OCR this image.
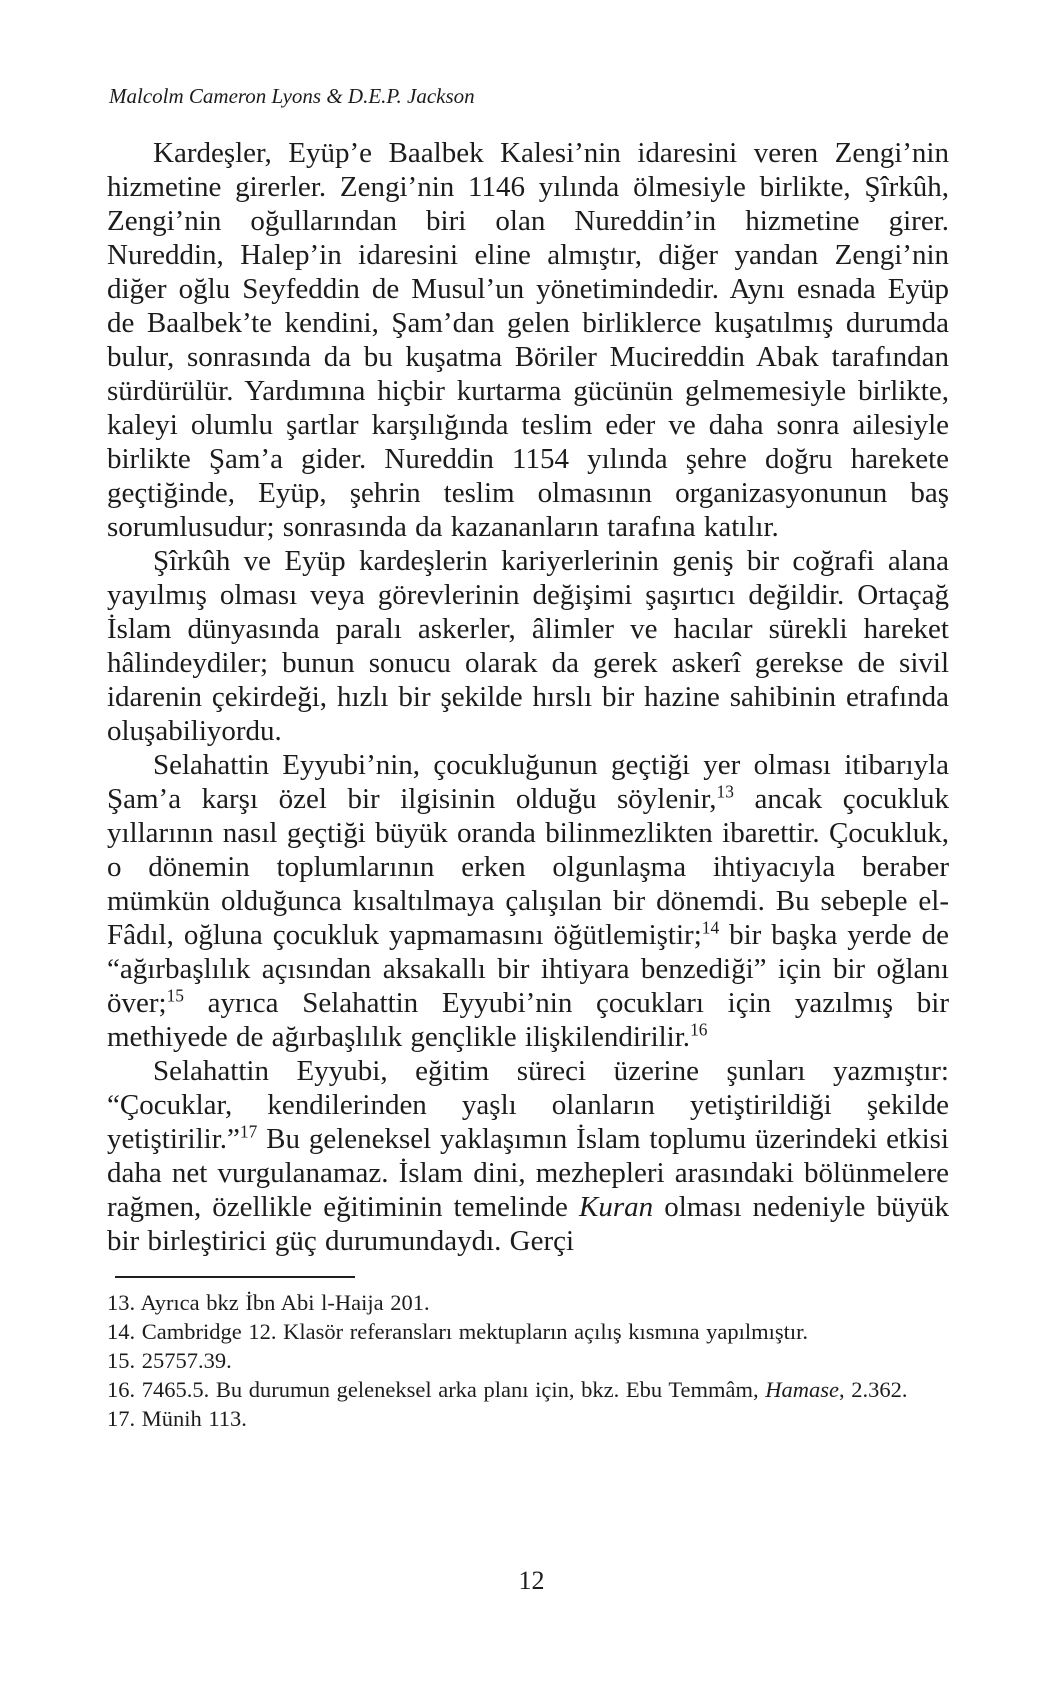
Malcolm Cameron Lyons & D.E.P. Jackson

Kardeşler, Eyüp’e Baalbek Kalesi’nin idaresini veren Zengi’nin hizmetine girerler. Zengi’nin 1146 yılında ölmesiyle birlikte, Şîrkûh, Zengi’nin oğullarından biri olan Nureddin’in hizmetine girer. Nureddin, Halep’in idaresini eline almıştır, diğer yandan Zengi’nin diğer oğlu Seyfeddin de Musul’un yönetimindedir. Aynı esnada Eyüp de Baalbek’te kendini, Şam’dan gelen birliklerce kuşatılmış durumda bulur, sonrasında da bu kuşatma Böriler Mucireddin Abak tarafından sürdürülür. Yardımına hiçbir kurtarma gücünün gelmemesiyle birlikte, kaleyi olumlu şartlar karşılığında teslim eder ve daha sonra ailesiyle birlikte Şam’a gider. Nureddin 1154 yılında şehre doğru harekete geçtiğinde, Eyüp, şehrin teslim olmasının organizasyonunun baş sorumlusudur; sonrasında da kazananların tarafına katılır.

Şîrkûh ve Eyüp kardeşlerin kariyerlerinin geniş bir coğrafi alana yayılmış olması veya görevlerinin değişimi şaşırtıcı değildir. Ortaçağ İslam dünyasında paralı askerler, âlimler ve hacılar sürekli hareket hâlindeydiler; bunun sonucu olarak da gerek askerî gerekse de sivil idarenin çekirdeği, hızlı bir şekilde hırslı bir hazine sahibinin etrafında oluşabiliyordu.

Selahattin Eyyubi’nin, çocukluğunun geçtiği yer olması itibarıyla Şam’a karşı özel bir ilgisinin olduğu söylenir,$^{13}$ ancak çocukluk yıllarının nasıl geçtiği büyük oranda bilinmezlikten ibarettir. Çocukluk, o dönemin toplumlarının erken olgunlaşma ihtiyacıyla beraber mümkün olduğunca kısaltılmaya çalışılan bir dönemdi. Bu sebeple el-Fâdıl, oğluna çocukluk yapmamasını öğütlemiştir;$^{14}$ bir başka yerde de “ağırbaşlılık açısından aksakallı bir ihtiyara benzediği” için bir oğlanı över;$^{15}$ ayrıca Selahattin Eyyubi’nin çocukları için yazılmış bir methiyede de ağırbaşlılık gençlikle ilişkilendirilir.$^{16}$

Selahattin Eyyubi, eğitim süreci üzerine şunları yazmıştır: “Çocuklar, kendilerinden yaşlı olanların yetiştirildiği şekilde yetiştirilir.”$^{17}$ Bu geleneksel yaklaşımın İslam toplumu üzerindeki etkisi daha net vurgulanamaz. İslam dini, mezhepleri arasındaki bölünmelere rağmen, özellikle eğitiminin temelinde Kuran olması nedeniyle büyük bir birleştirici güç durumundaydı. Gerçi

13. Ayrıca bkz İbn Abi l-Haija 201.

14. Cambridge 12. Klasör referansları mektupların açılış kısmına yapılmıştır.

15. 25757.39.

16. 7465.5. Bu durumun geleneksel arka planı için, bkz. Ebu Temmâm, Hamase, 2.362.

17. Münih 113.

12
